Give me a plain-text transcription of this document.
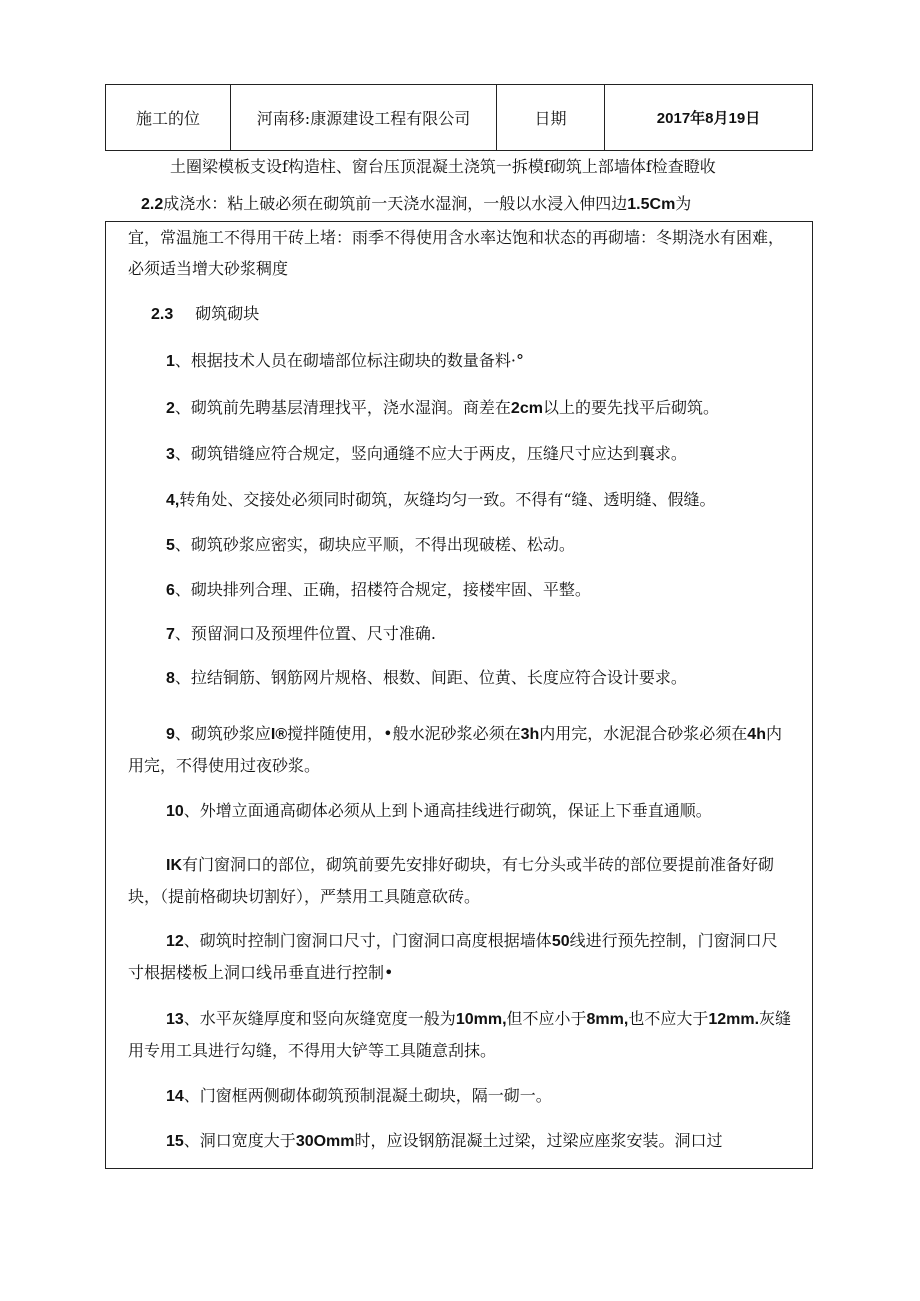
施工的位	河南移:康源建设工程有限公司	日期	2017年8月19日
土圈梁模板支设f构造柱、窗台压顶混凝土浇筑一拆模f砌筑上部墙体f检查瞪收
2.2成浇水：粘上破必须在砌筑前一天浇水湿涧，一般以水浸入伸四边1.5Cm为
宜，常温施工不得用干砖上堵：雨季不得使用含水率达饱和状态的再砌墙：冬期浇水有困难，
必须适当增大砂浆稠度
2.3 砌筑砌块
1、根据技术人员在砌墙部位标注砌块的数量备料·°
2、砌筑前先聘基层清理找平，浇水湿润。商差在2cm以上的要先找平后砌筑。
3、砌筑错缝应符合规定，竖向通缝不应大于两皮，压缝尺寸应达到襄求。
4,转角处、交接处必须同时砌筑，灰缝均匀一致。不得有“缝、透明缝、假缝。
5、砌筑砂浆应密实，砌块应平顺，不得出现破槎、松动。
6、砌块排列合理、正确，招楼符合规定，接楼牢固、平整。
7、预留洞口及预埋件位置、尺寸准确.
8、拉结铜筋、钢筋网片规格、根数、间距、位黄、长度应符合设计要求。
9、砌筑砂浆应I®搅拌随使用，•般水泥砂浆必须在3h内用完，水泥混合砂浆必须在4h内
用完，不得使用过夜砂浆。
10、外增立面通高砌体必须从上到卜通高挂线进行砌筑，保证上下垂直通顺。
IK有门窗洞口的部位，砌筑前要先安排好砌块，有七分头或半砖的部位要提前准备好砌
块，（提前格砌块切割好），严禁用工具随意砍砖。
12、砌筑时控制门窗洞口尺寸，门窗洞口高度根据墙体50线进行预先控制，门窗洞口尺
寸根据楼板上洞口线吊垂直进行控制•
13、水平灰缝厚度和竖向灰缝宽度一般为10mm,但不应小于8mm,也不应大于12mm.灰缝
用专用工具进行勾缝，不得用大铲等工具随意刮抹。
14、门窗框两侧砌体砌筑预制混凝土砌块，隔一砌一。
15、洞口宽度大于30Omm时，应设钢筋混凝土过梁，过梁应座浆安装。洞口过
